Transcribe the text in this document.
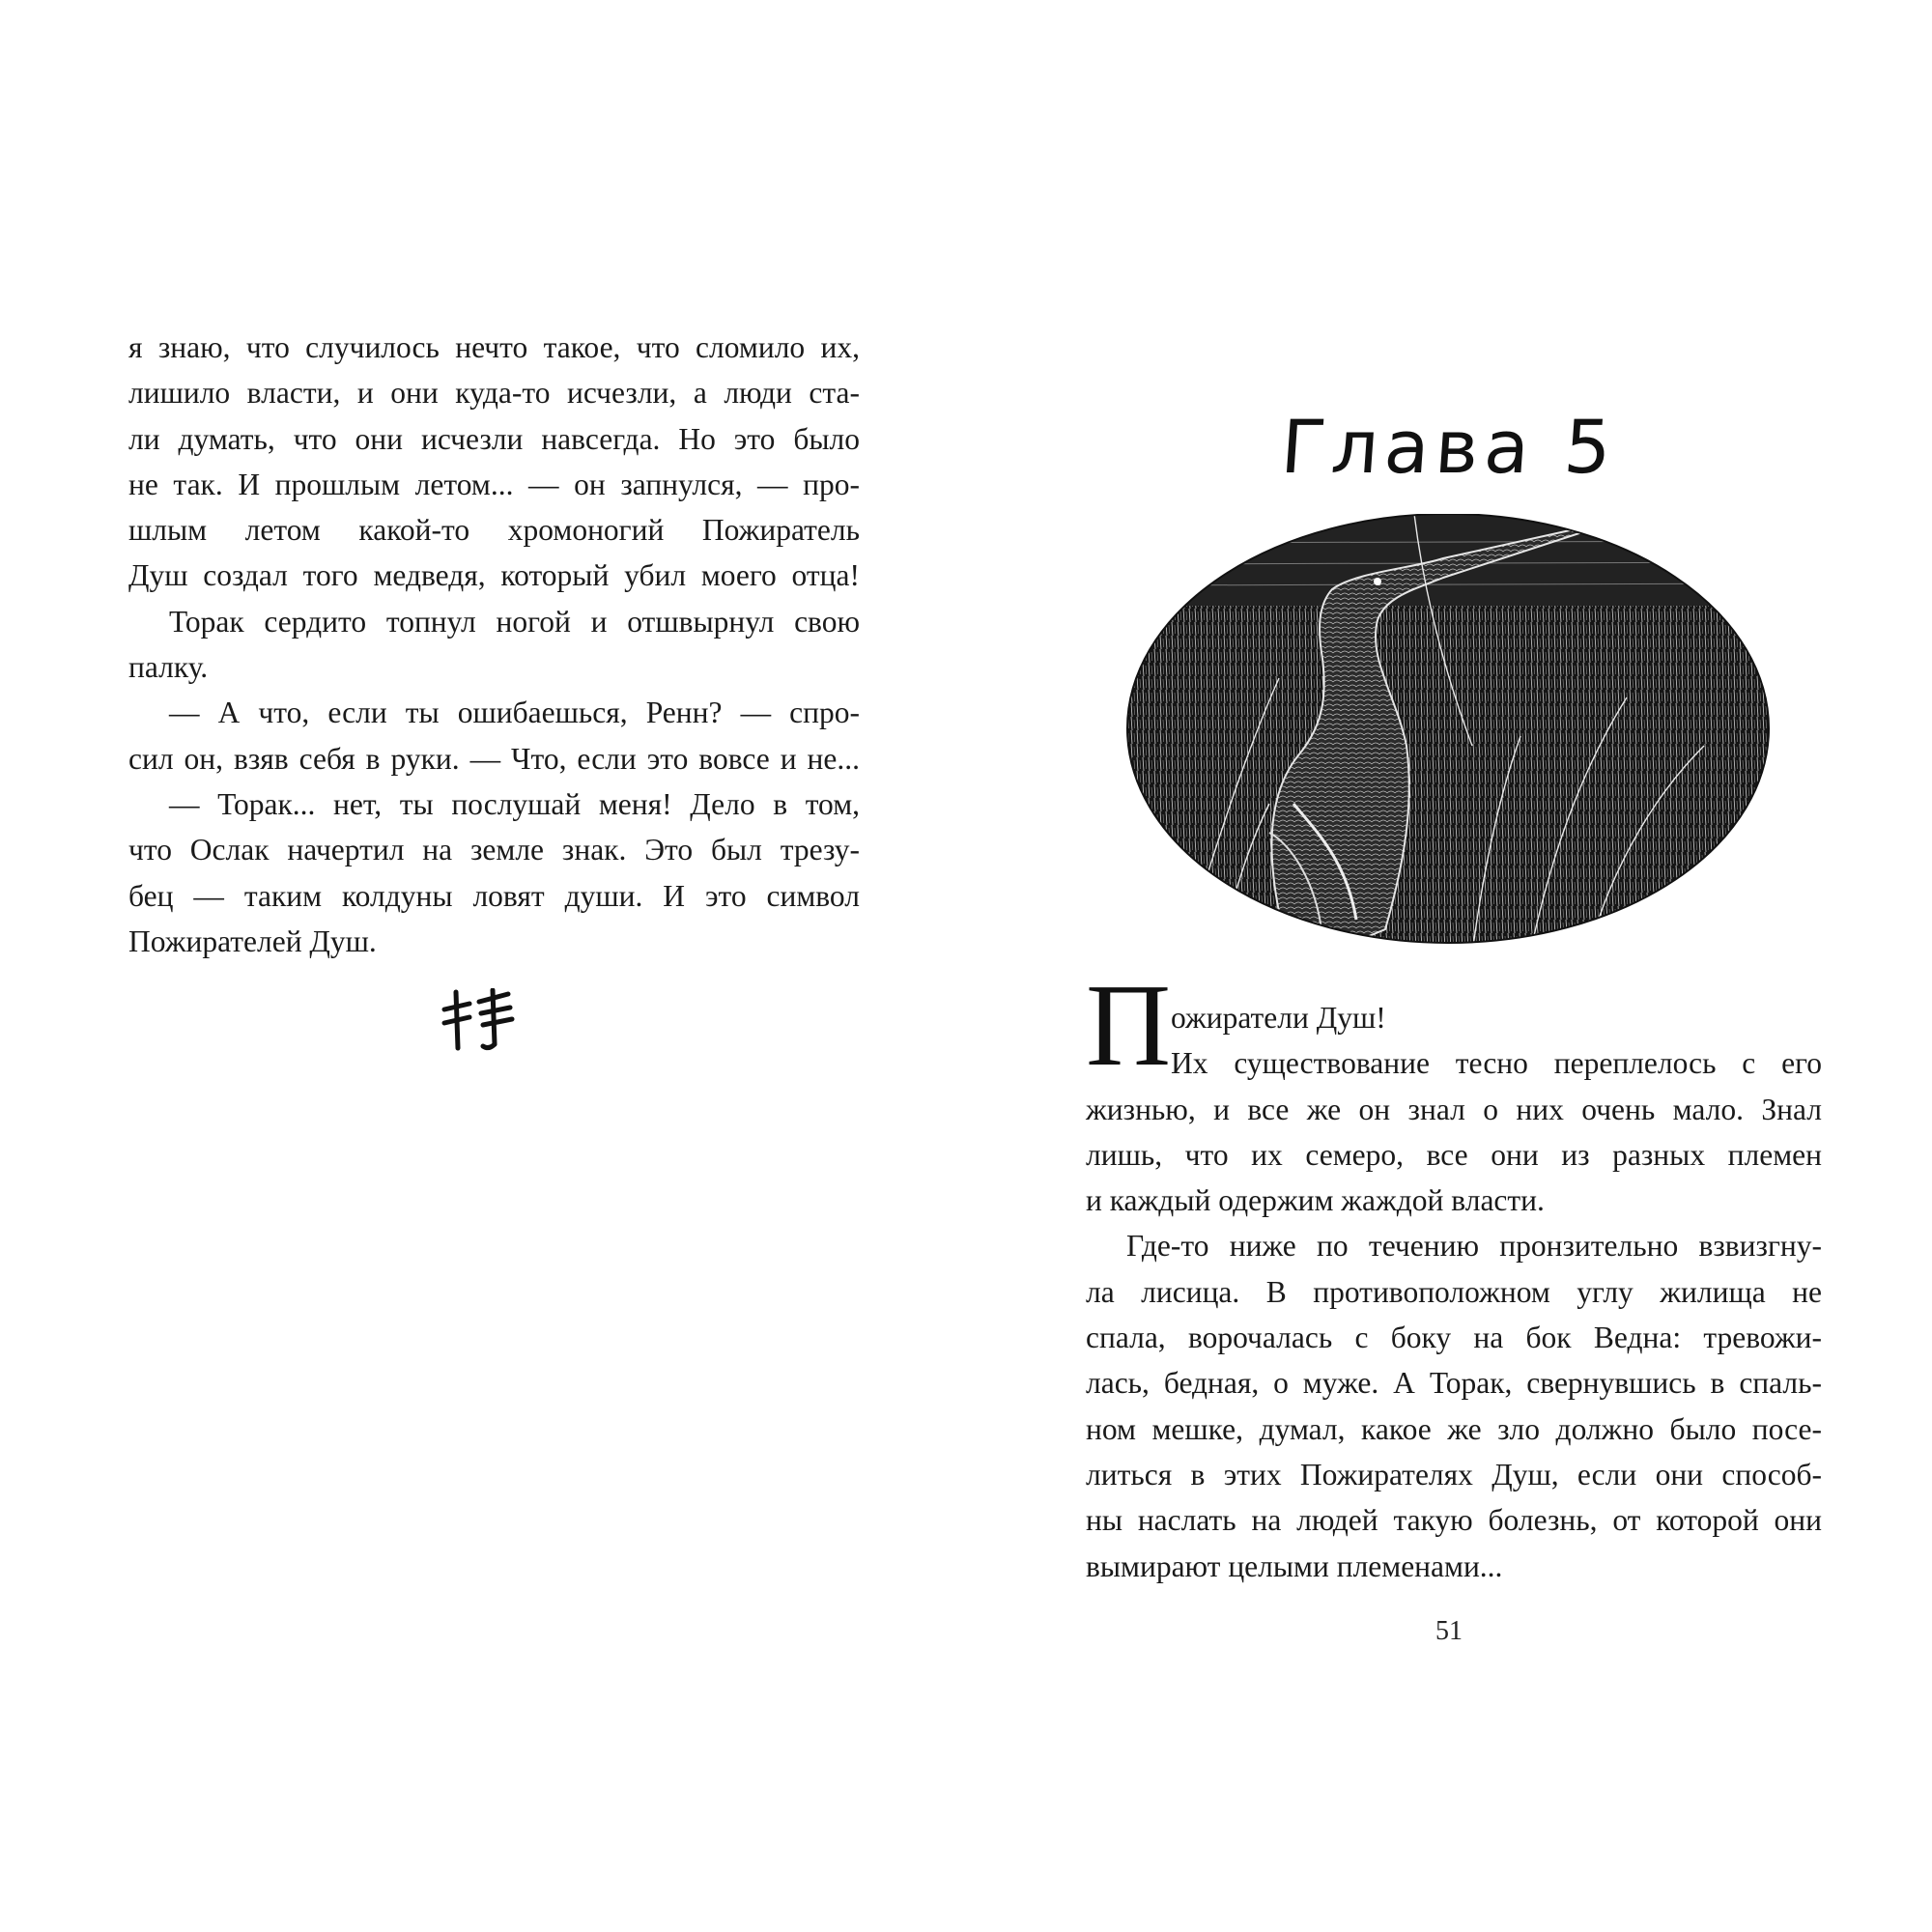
я знаю, что случилось нечто такое, что сломило их,
лишило власти, и они куда-то исчезли, а люди ста-
ли думать, что они исчезли навсегда. Но это было
не так. И прошлым летом... — он запнулся, — про-
шлым летом какой-то хромоногий Пожиратель
Душ создал того медведя, который убил моего отца!
Торак сердито топнул ногой и отшвырнул свою
палку.
— А что, если ты ошибаешься, Ренн? — спро-
сил он, взяв себя в руки. — Что, если это вовсе и не...
— Торак... нет, ты послушай меня! Дело в том,
что Ослак начертил на земле знак. Это был трезу-
бец — таким колдуны ловят души. И это символ
Пожирателей Душ.
Глава 5
П ожиратели Душ!
Их существование тесно переплелось с его
жизнью, и все же он знал о них очень мало. Знал
лишь, что их семеро, все они из разных племен
и каждый одержим жаждой власти.
Где-то ниже по течению пронзительно взвизгну-
ла лисица. В противоположном углу жилища не
спала, ворочалась с боку на бок Ведна: тревожи-
лась, бедная, о муже. А Торак, свернувшись в спаль-
ном мешке, думал, какое же зло должно было посе-
литься в этих Пожирателях Душ, если они способ-
ны наслать на людей такую болезнь, от которой они
вымирают целыми племенами...
51
